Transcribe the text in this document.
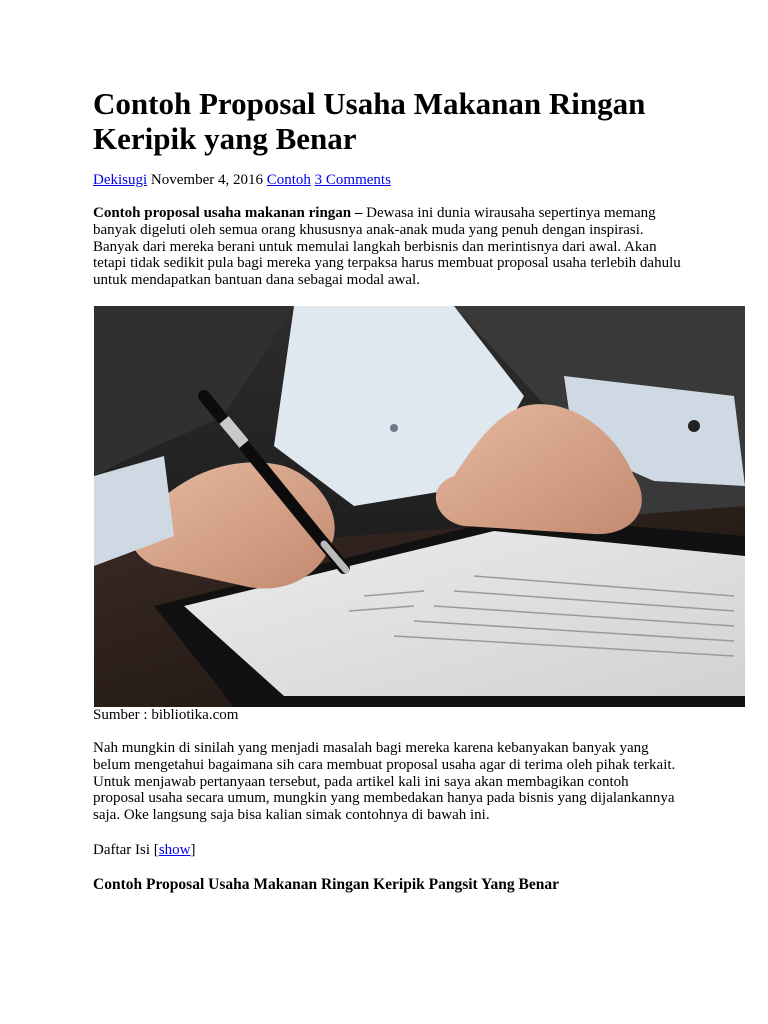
Contoh Proposal Usaha Makanan Ringan Keripik yang Benar

Dekisugi November 4, 2016 Contoh 3 Comments

Contoh proposal usaha makanan ringan – Dewasa ini dunia wirausaha sepertinya memang banyak digeluti oleh semua orang khususnya anak-anak muda yang penuh dengan inspirasi. Banyak dari mereka berani untuk memulai langkah berbisnis dan merintisnya dari awal. Akan tetapi tidak sedikit pula bagi mereka yang terpaksa harus membuat proposal usaha terlebih dahulu untuk mendapatkan bantuan dana sebagai modal awal.

Sumber : bibliotika.com

Nah mungkin di sinilah yang menjadi masalah bagi mereka karena kebanyakan banyak yang belum mengetahui bagaimana sih cara membuat proposal usaha agar di terima oleh pihak terkait. Untuk menjawab pertanyaan tersebut, pada artikel kali ini saya akan membagikan contoh proposal usaha secara umum, mungkin yang membedakan hanya pada bisnis yang dijalankannya saja. Oke langsung saja bisa kalian simak contohnya di bawah ini.

Daftar Isi [show]

Contoh Proposal Usaha Makanan Ringan Keripik Pangsit Yang Benar
